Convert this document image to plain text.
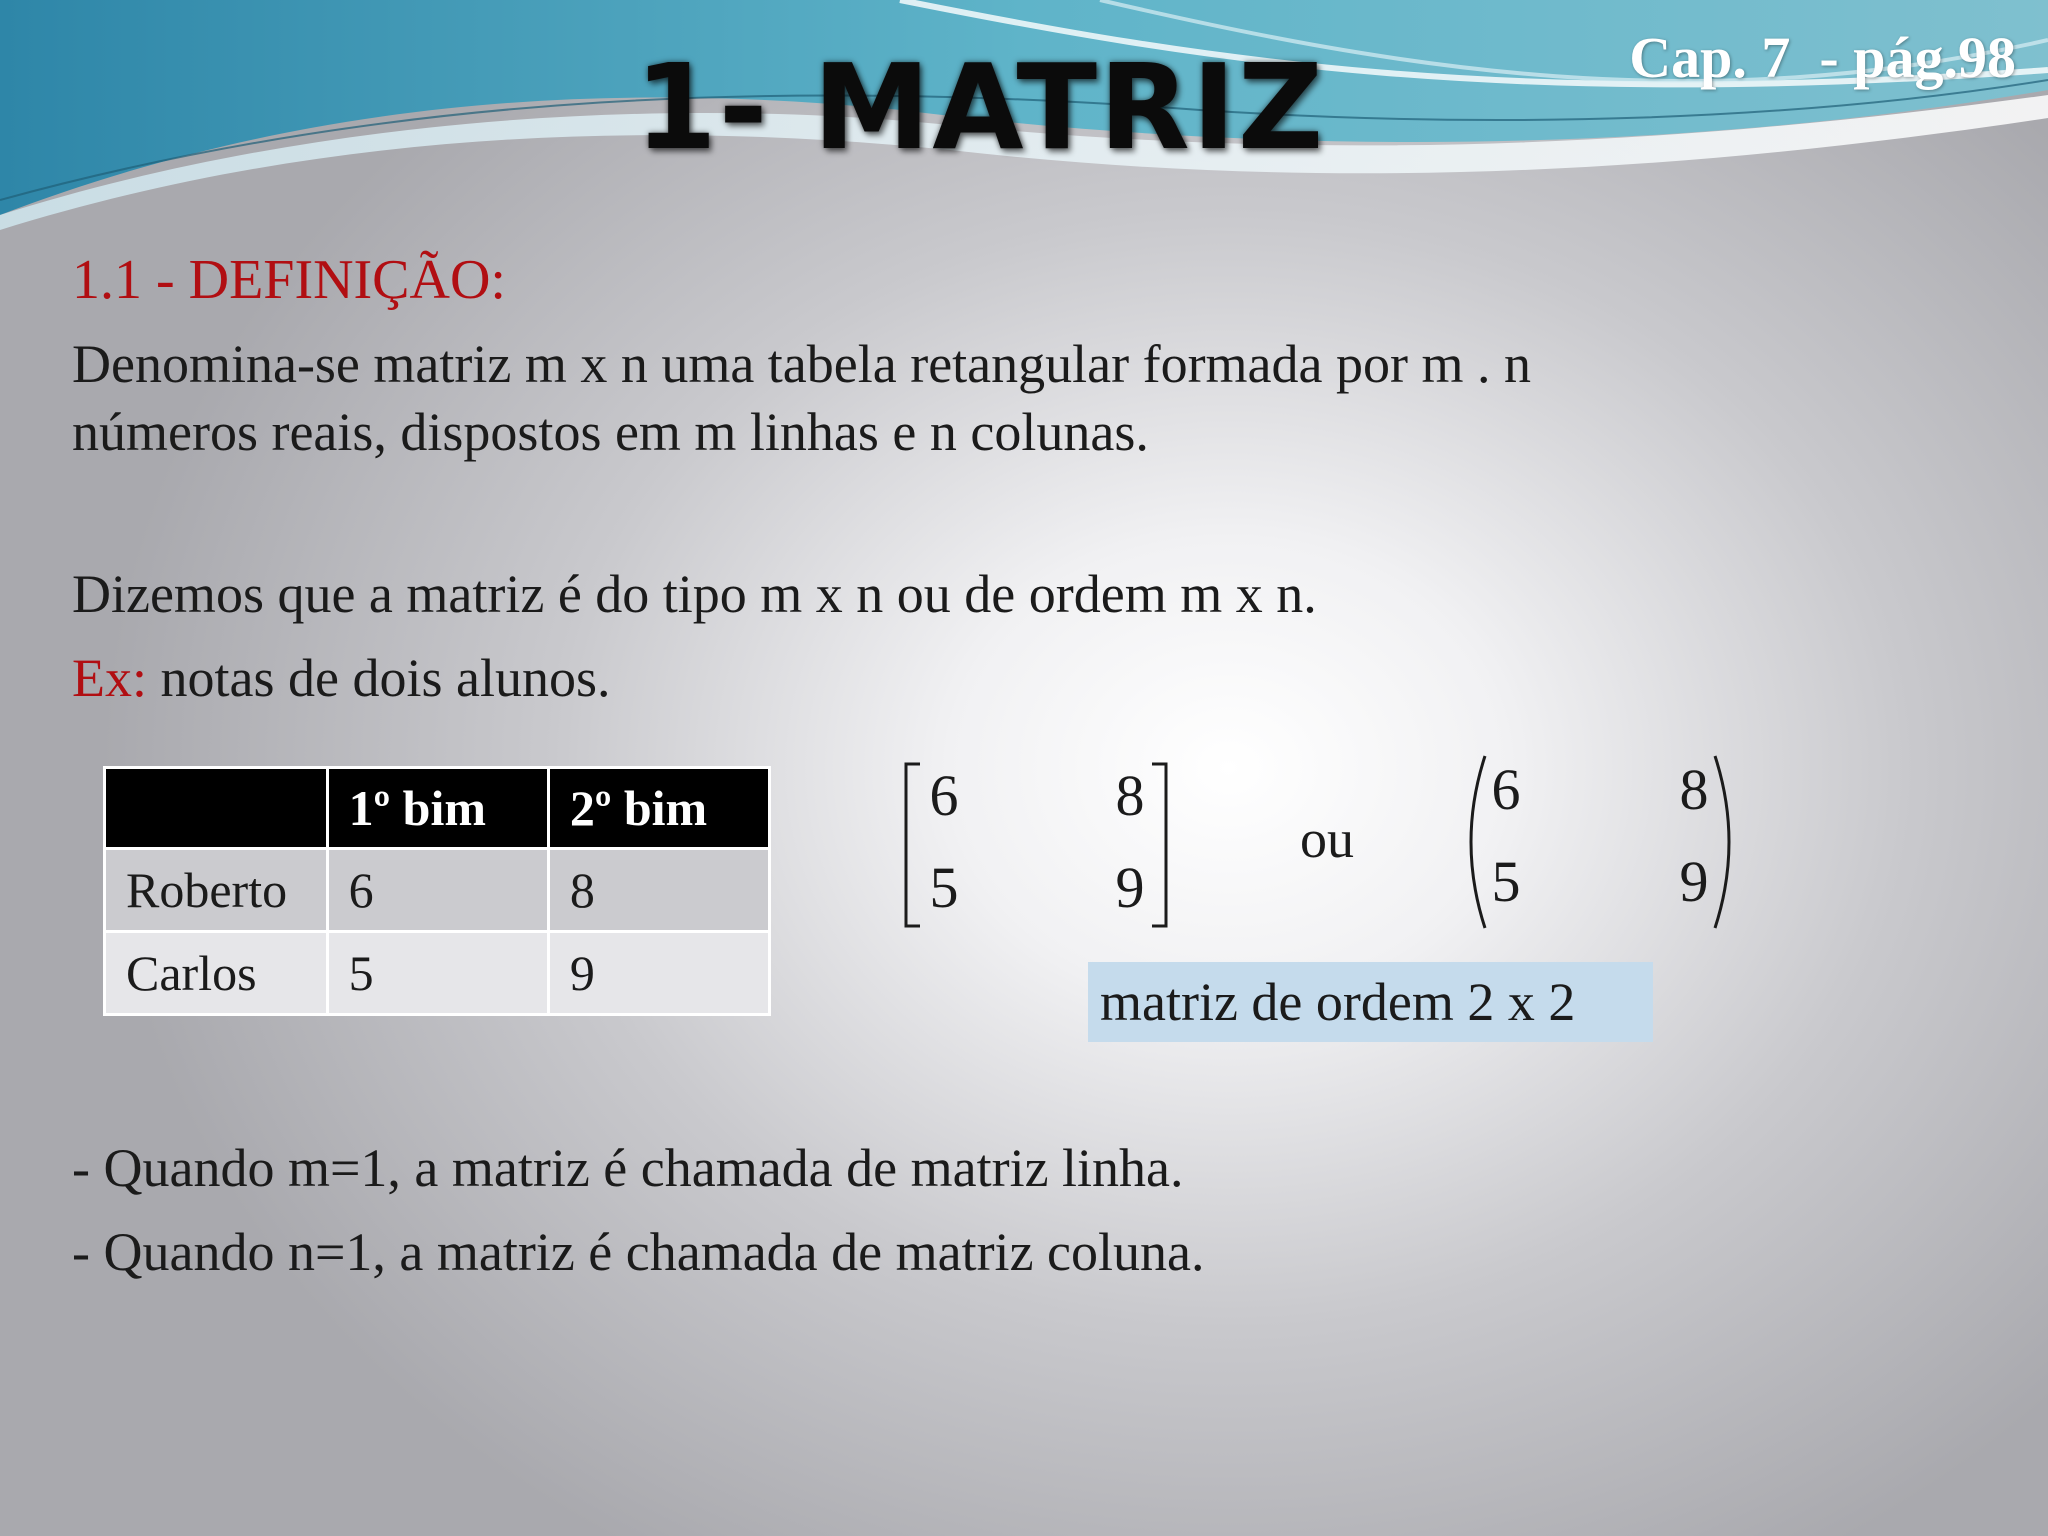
1- MATRIZ	Cap. 7  - pág.98
1.1 - DEFINIÇÃO:
Denomina-se matriz m x n uma tabela retangular formada por m . n
números reais, dispostos em m linhas e n colunas.
Dizemos que a matriz é do tipo m x n ou de ordem m x n.
Ex: notas de dois alunos.
	1º bim	2º bim
Roberto	6	8
Carlos	5	9
6	8
5	9
ou
6	8
5	9
matriz de ordem 2 x 2
- Quando m=1, a matriz é chamada de matriz linha.
- Quando n=1, a matriz é chamada de matriz coluna.
